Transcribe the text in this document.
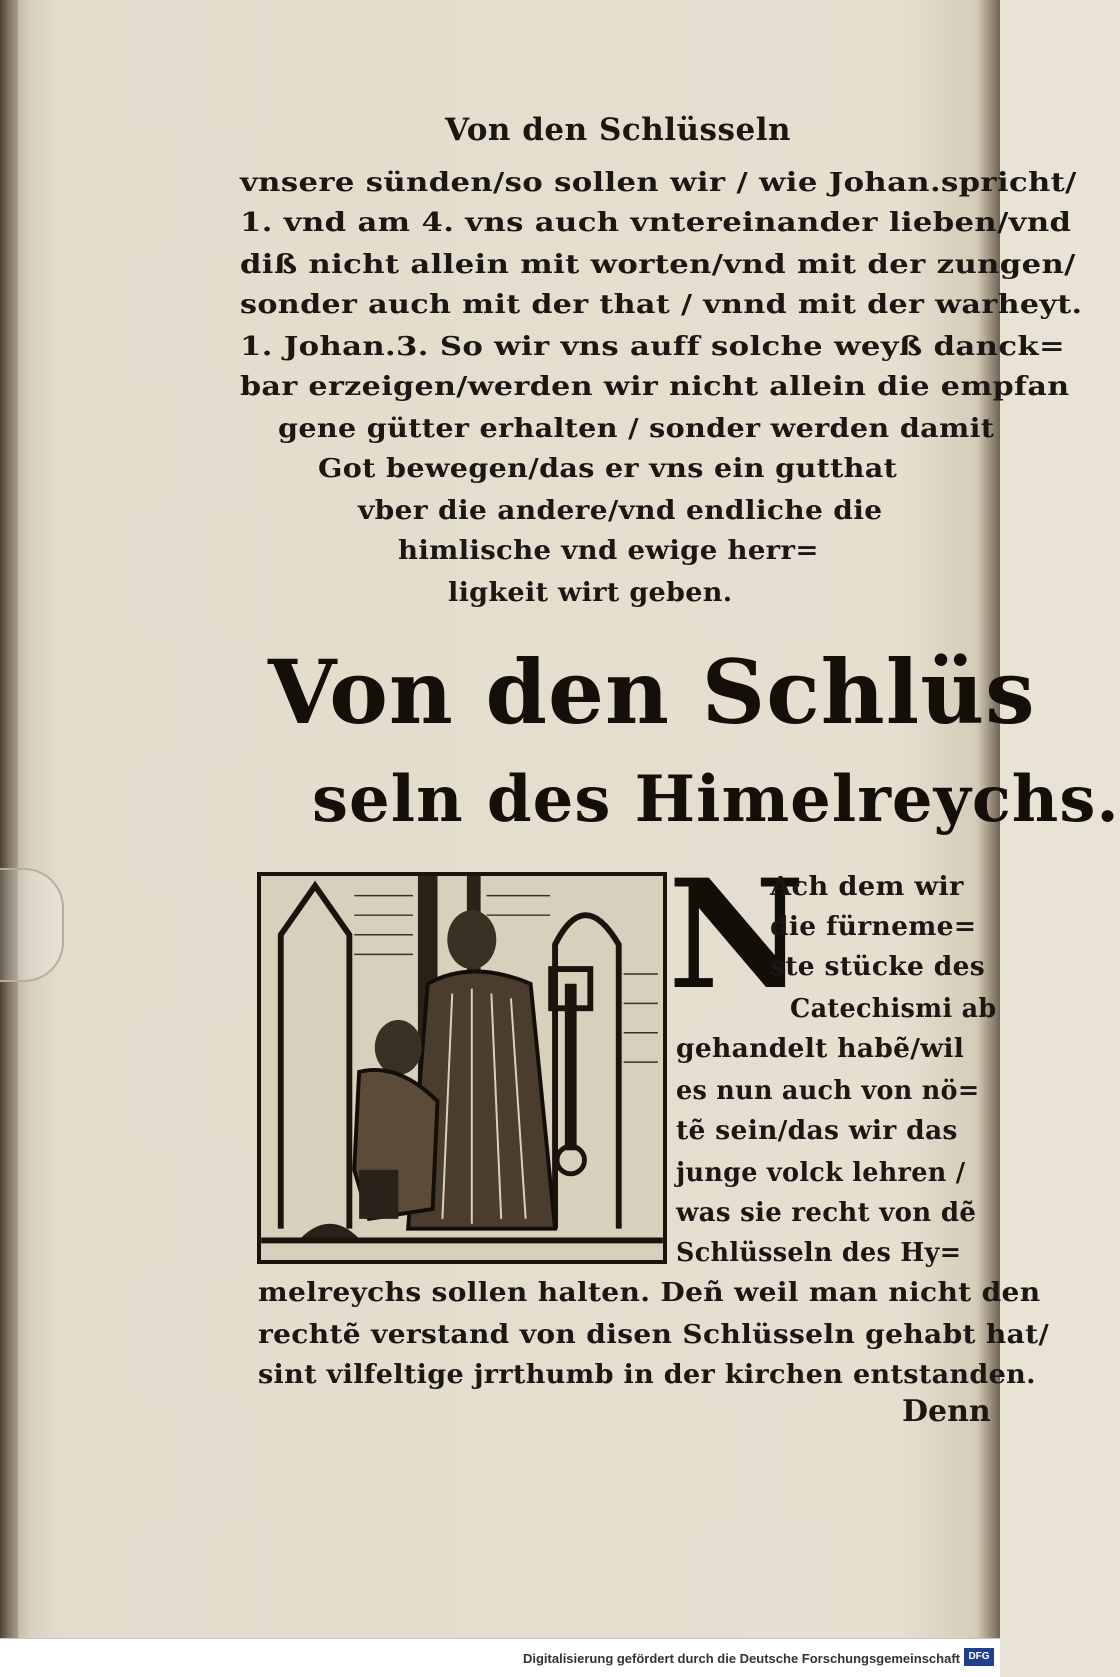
Von den Schlüsseln
vnsere sünden/so sollen wir / wie Johan.spricht/
1. vnd am 4. vns auch vntereinander lieben/vnd
diß nicht allein mit worten/vnd mit der zungen/
sonder auch mit der that / vnnd mit der warheyt.
1. Johan.3. So wir vns auff solche weyß danck=
bar erzeigen/werden wir nicht allein die empfan
gene gütter erhalten / sonder werden damit
Got bewegen/das er vns ein gutthat
vber die andere/vnd endliche die
himlische vnd ewige herr=
ligkeit wirt geben.
Von den Schlüs
seln des Himelreychs.
N
Ach dem wir
die fürneme=
ste stücke des
Catechismi ab
gehandelt habẽ/wil
es nun auch von nö=
tẽ sein/das wir das
junge volck lehren /
was sie recht von dẽ
Schlüsseln des Hy=
melreychs sollen halten. Deñ weil man nicht den
rechtẽ verstand von disen Schlüsseln gehabt hat/
sint vilfeltige jrrthumb in der kirchen entstanden.
Denn
Digitalisierung gefördert durch die Deutsche Forschungsgemeinschaft DFG
